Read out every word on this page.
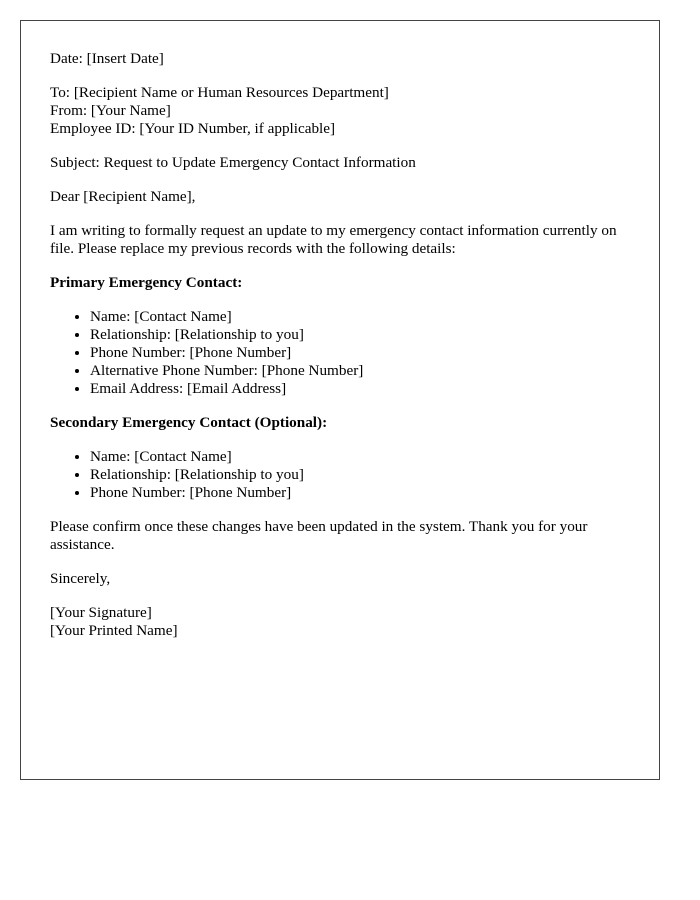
Date: [Insert Date]

To: [Recipient Name or Human Resources Department]
From: [Your Name]
Employee ID: [Your ID Number, if applicable]

Subject: Request to Update Emergency Contact Information

Dear [Recipient Name],

I am writing to formally request an update to my emergency contact information currently on file. Please replace my previous records with the following details:

Primary Emergency Contact:

• Name: [Contact Name]
• Relationship: [Relationship to you]
• Phone Number: [Phone Number]
• Alternative Phone Number: [Phone Number]
• Email Address: [Email Address]

Secondary Emergency Contact (Optional):

• Name: [Contact Name]
• Relationship: [Relationship to you]
• Phone Number: [Phone Number]

Please confirm once these changes have been updated in the system. Thank you for your assistance.

Sincerely,

[Your Signature]
[Your Printed Name]
